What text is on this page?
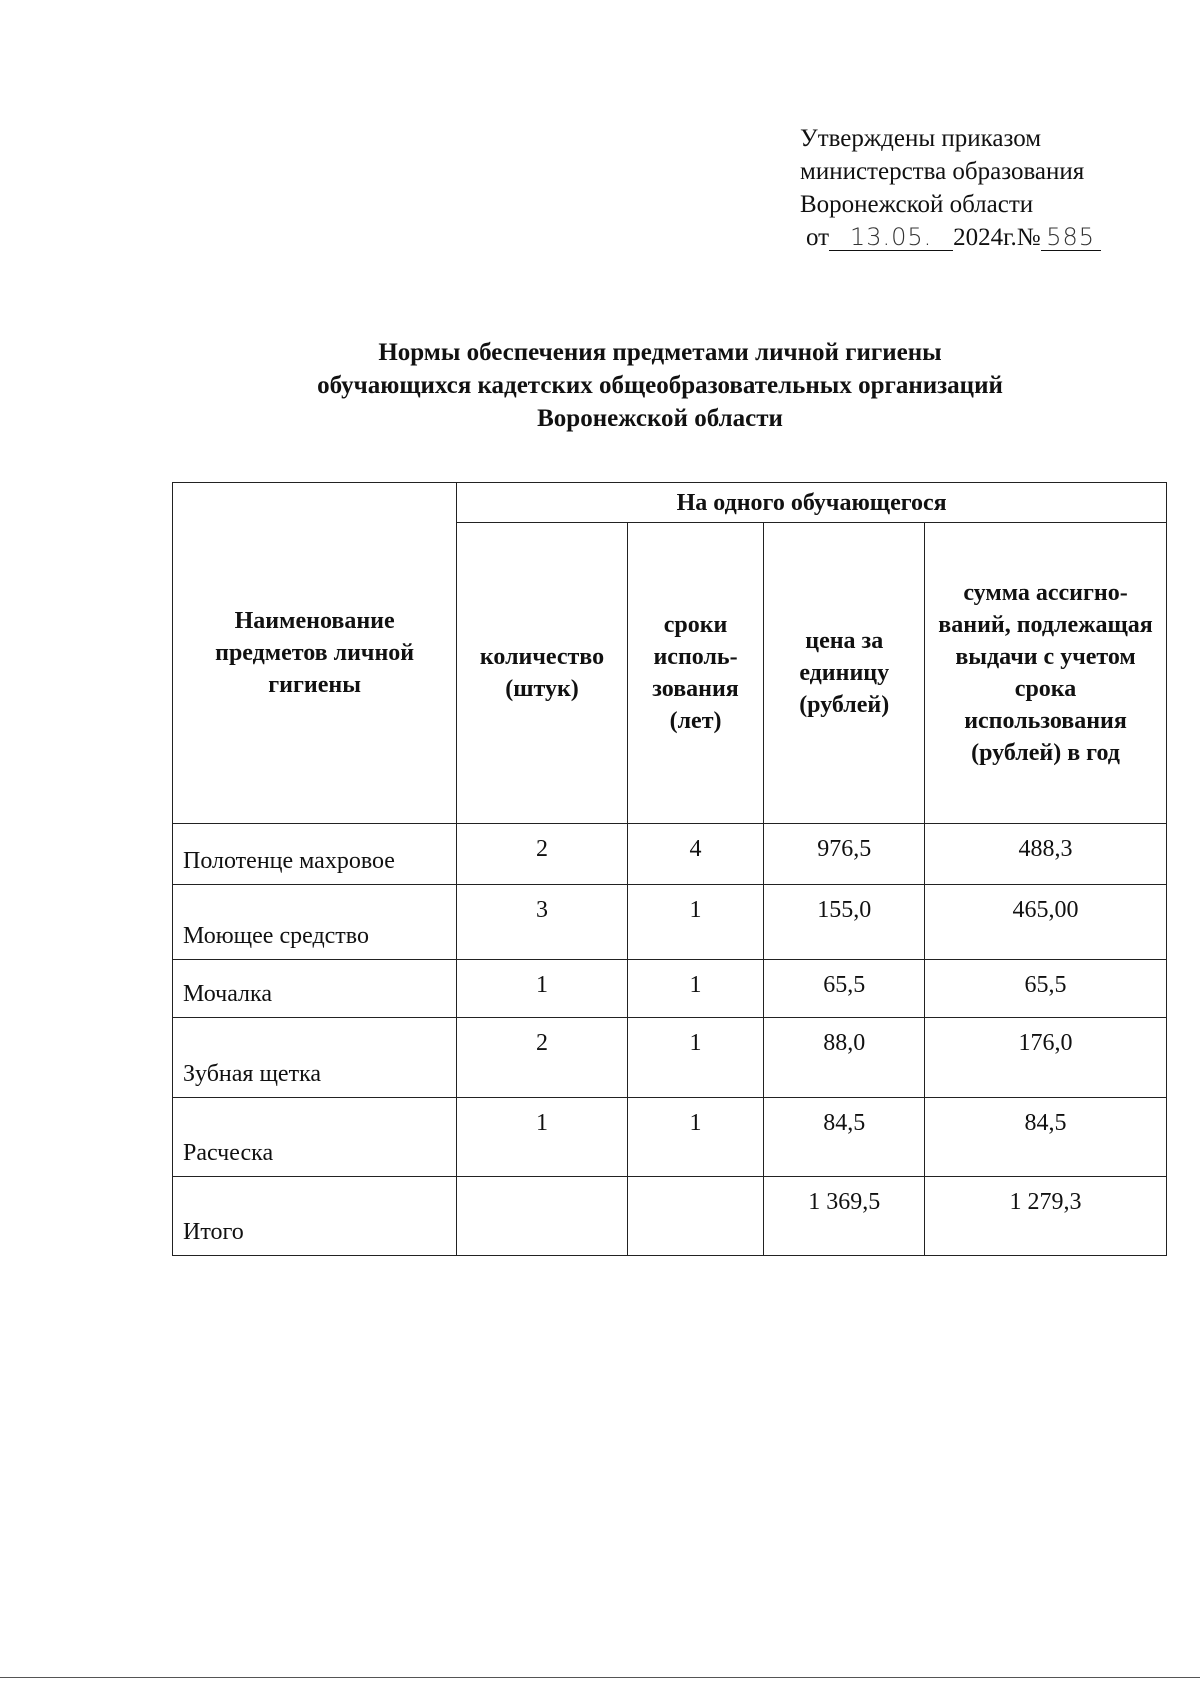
Утверждены приказом
министерства образования
Воронежской области
от 13.05. 2024г.№ 585
Нормы обеспечения предметами личной гигиены
обучающихся кадетских общеобразовательных организаций
Воронежской области
Наименование предметов личной гигиены	На одного обучающегося			
	количество (штук)	сроки исполь-зования (лет)	цена за единицу (рублей)	сумма ассигно-ваний, подлежащая выдачи с учетом срока использования (рублей) в год
Полотенце махровое	2	4	976,5	488,3
Моющее средство	3	1	155,0	465,00
Мочалка	1	1	65,5	65,5
Зубная щетка	2	1	88,0	176,0
Расческа	1	1	84,5	84,5
Итого			1 369,5	1 279,3
